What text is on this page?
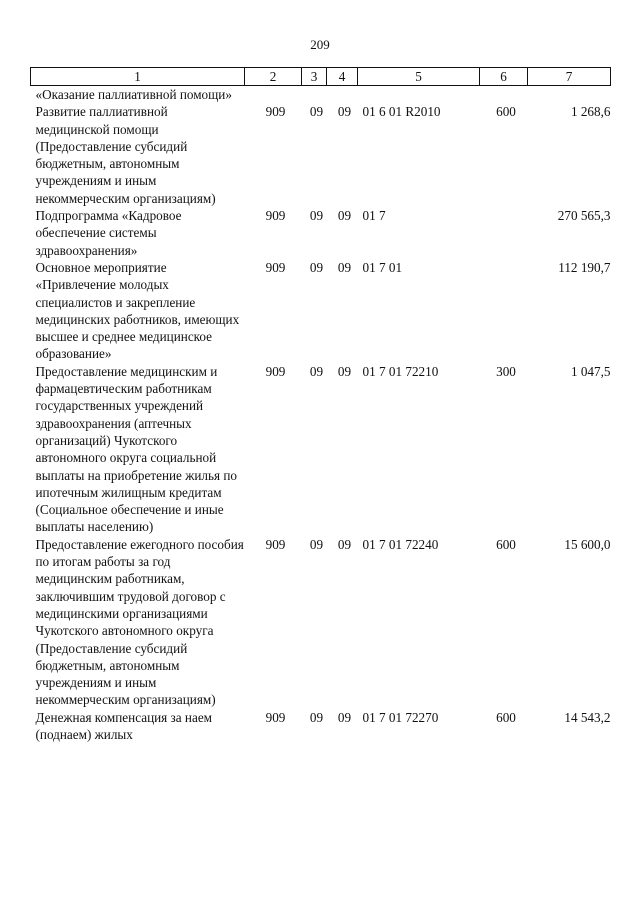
209
1	2	3	4	5	6	7
«Оказание паллиативной помощи»						
Развитие паллиативной медицинской помощи (Предоставление субсидий бюджетным, автономным учреждениям и иным некоммерческим организациям)	909	09	09	01 6 01 R2010	600	1 268,6
Подпрограмма «Кадровое обеспечение системы здравоохранения»	909	09	09	01 7		270 565,3
Основное мероприятие «Привлечение молодых специалистов и закрепление медицинских работников, имеющих высшее и среднее медицинское образование»	909	09	09	01 7 01		112 190,7
Предоставление медицинским и фармацевтическим работникам государственных учреждений здравоохранения (аптечных организаций) Чукотского автономного округа социальной выплаты на приобретение жилья по ипотечным жилищным кредитам (Социальное обеспечение и иные выплаты населению)	909	09	09	01 7 01 72210	300	1 047,5
Предоставление ежегодного пособия по итогам работы за год медицинским работникам, заключившим трудовой договор с медицинскими организациями Чукотского автономного округа (Предоставление субсидий бюджетным, автономным учреждениям и иным некоммерческим организациям)	909	09	09	01 7 01 72240	600	15 600,0
Денежная компенсация за наем (поднаем) жилых	909	09	09	01 7 01 72270	600	14 543,2
